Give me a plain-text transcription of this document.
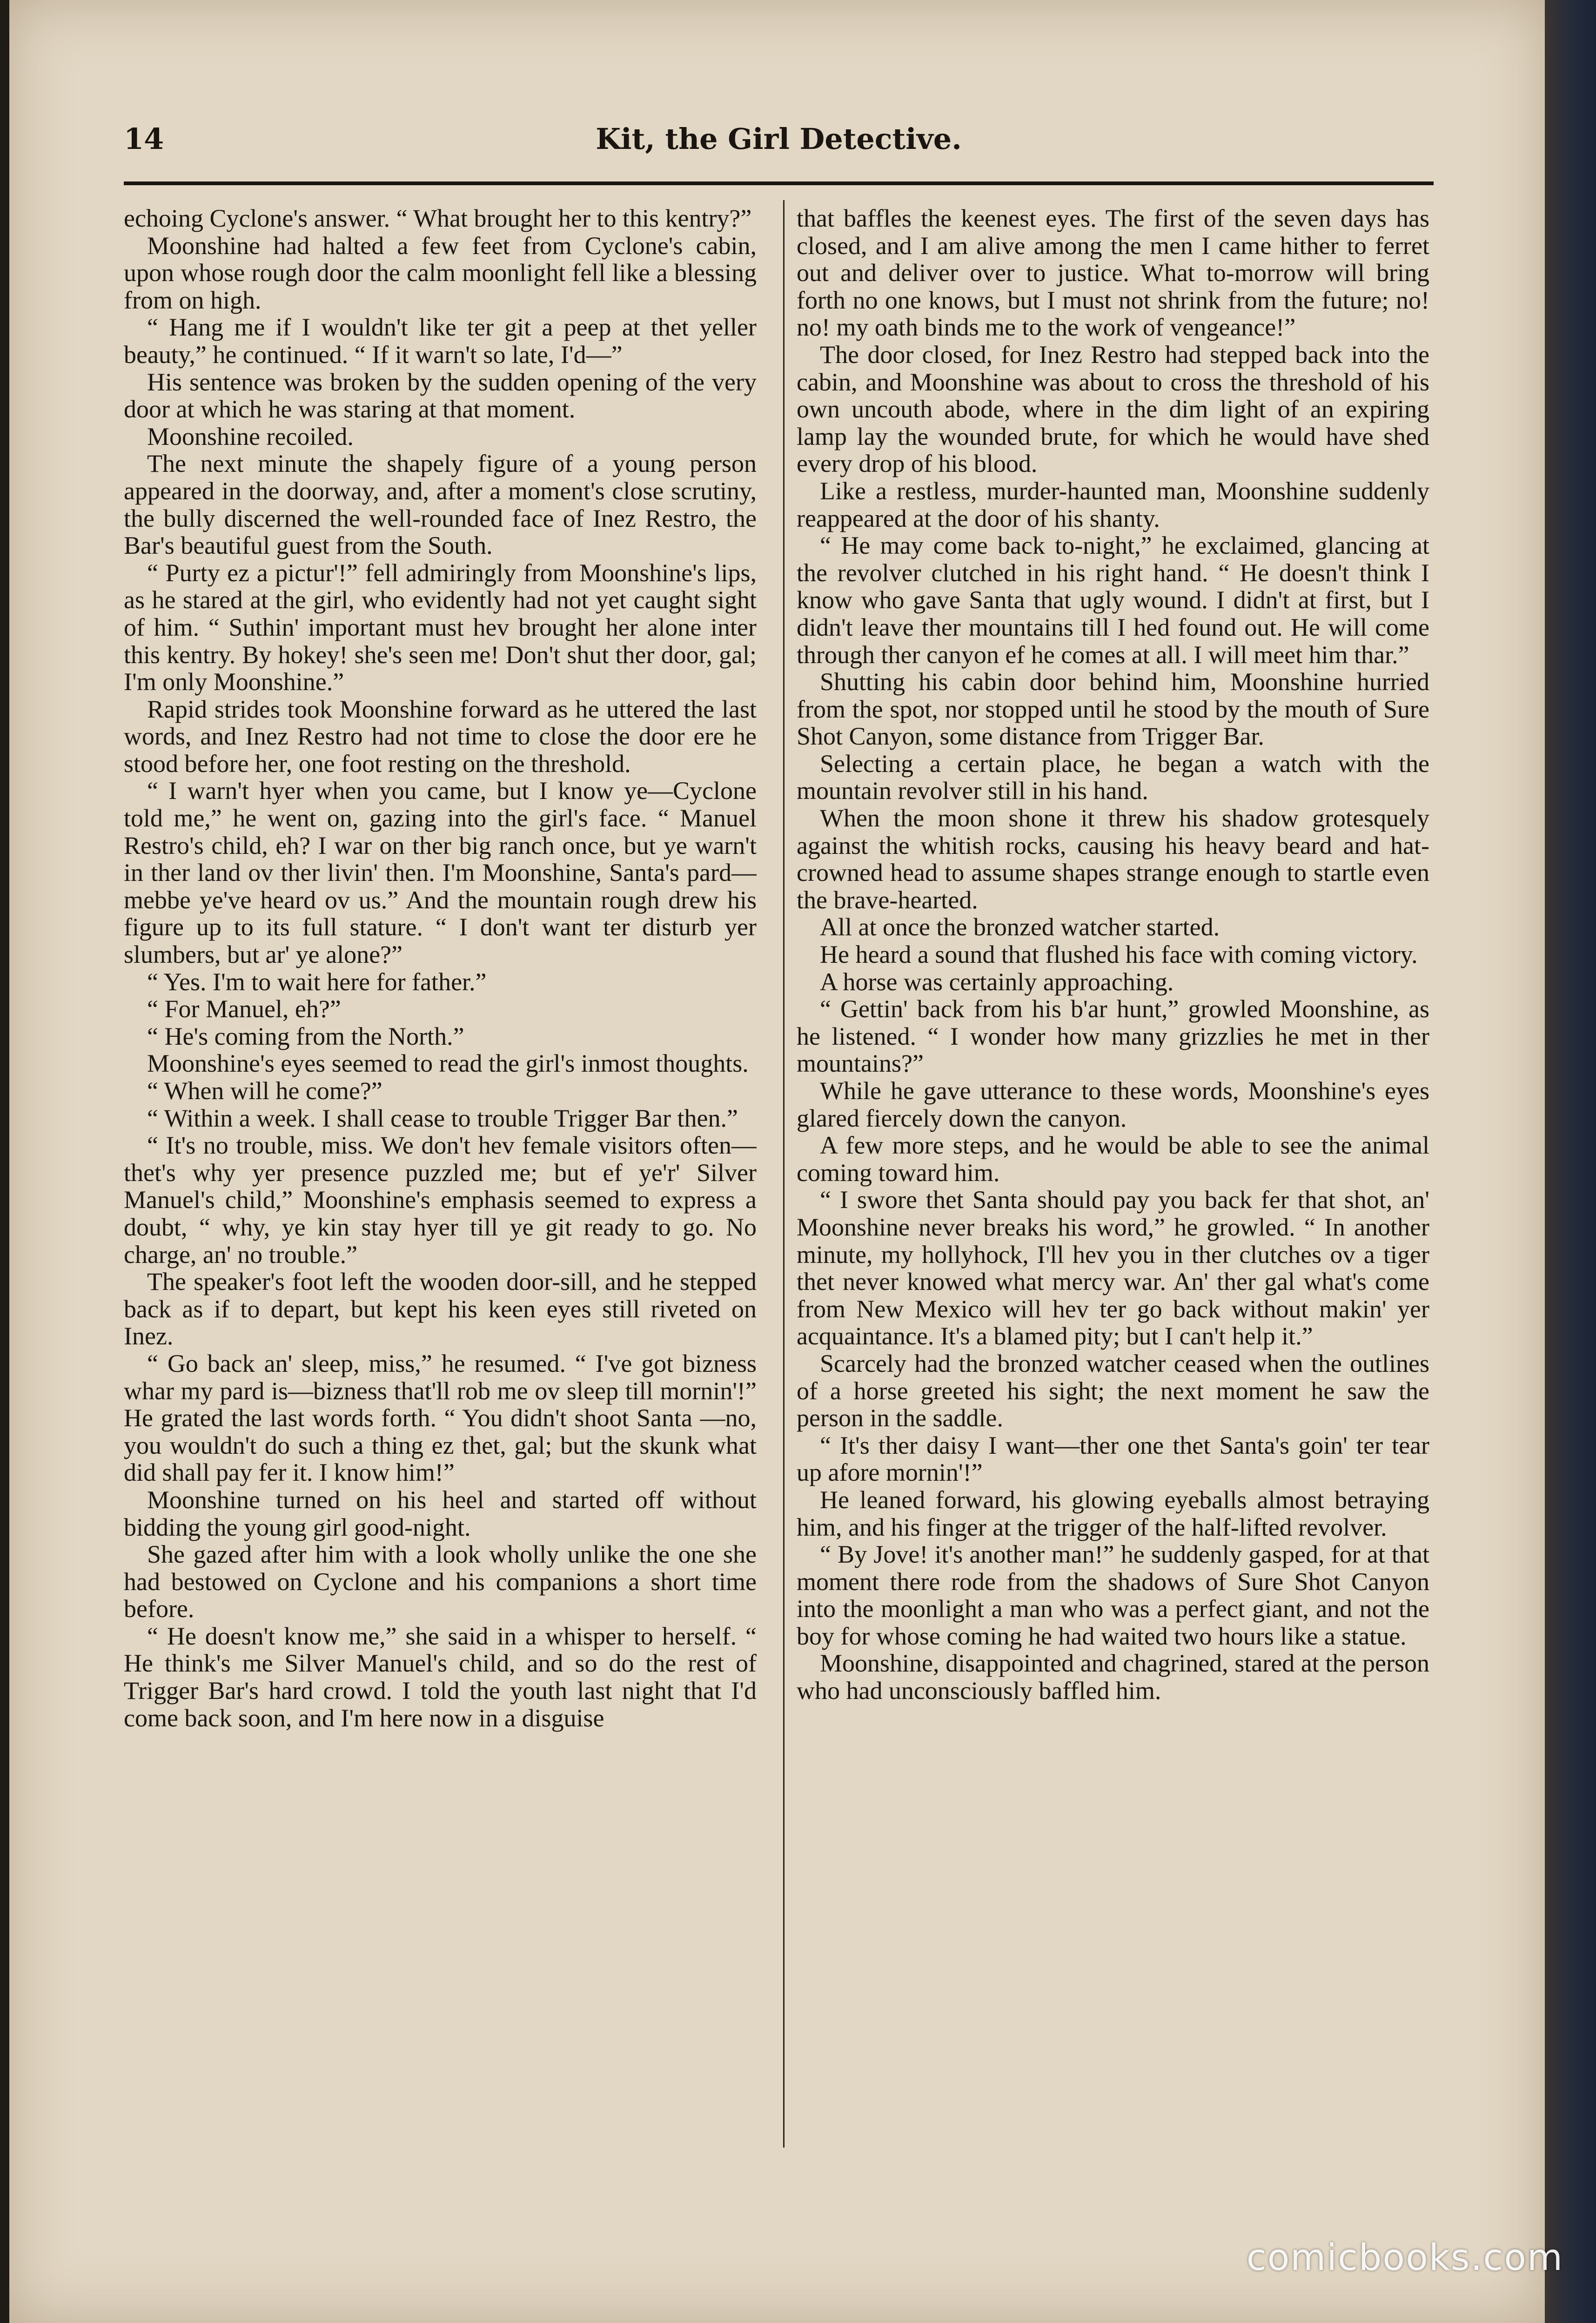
14	Kit, the Girl Detective.

echoing Cyclone's answer. “ What brought her to this kentry?”

Moonshine had halted a few feet from Cyclone's cabin, upon whose rough door the calm moonlight fell like a blessing from on high.

“ Hang me if I wouldn't like ter git a peep at thet yeller beauty,” he continued. “ If it warn't so late, I'd—”

His sentence was broken by the sudden opening of the very door at which he was staring at that moment.

Moonshine recoiled.

The next minute the shapely figure of a young person appeared in the doorway, and, after a moment's close scrutiny, the bully discerned the well-rounded face of Inez Restro, the Bar's beautiful guest from the South.

“ Purty ez a pictur'!” fell admiringly from Moonshine's lips, as he stared at the girl, who evidently had not yet caught sight of him. “ Suthin' important must hev brought her alone inter this kentry. By hokey! she's seen me! Don't shut ther door, gal; I'm only Moonshine.”

Rapid strides took Moonshine forward as he uttered the last words, and Inez Restro had not time to close the door ere he stood before her, one foot resting on the threshold.

“ I warn't hyer when you came, but I know ye—Cyclone told me,” he went on, gazing into the girl's face. “ Manuel Restro's child, eh? I war on ther big ranch once, but ye warn't in ther land ov ther livin' then. I'm Moonshine, Santa's pard—mebbe ye've heard ov us.” And the mountain rough drew his figure up to its full stature. “ I don't want ter disturb yer slumbers, but ar' ye alone?”

“ Yes. I'm to wait here for father.”

“ For Manuel, eh?”

“ He's coming from the North.”

Moonshine's eyes seemed to read the girl's inmost thoughts.

“ When will he come?”

“ Within a week. I shall cease to trouble Trigger Bar then.”

“ It's no trouble, miss. We don't hev female visitors often—thet's why yer presence puzzled me; but ef ye'r' Silver Manuel's child,” Moonshine's emphasis seemed to express a doubt, “ why, ye kin stay hyer till ye git ready to go. No charge, an' no trouble.”

The speaker's foot left the wooden door-sill, and he stepped back as if to depart, but kept his keen eyes still riveted on Inez.

“ Go back an' sleep, miss,” he resumed. “ I've got bizness whar my pard is—bizness that'll rob me ov sleep till mornin'!” He grated the last words forth. “ You didn't shoot Santa —no, you wouldn't do such a thing ez thet, gal; but the skunk what did shall pay fer it. I know him!”

Moonshine turned on his heel and started off without bidding the young girl good-night.

She gazed after him with a look wholly unlike the one she had bestowed on Cyclone and his companions a short time before.

“ He doesn't know me,” she said in a whisper to herself. “ He think's me Silver Manuel's child, and so do the rest of Trigger Bar's hard crowd. I told the youth last night that I'd come back soon, and I'm here now in a disguise

that baffles the keenest eyes. The first of the seven days has closed, and I am alive among the men I came hither to ferret out and deliver over to justice. What to-morrow will bring forth no one knows, but I must not shrink from the future; no! no! my oath binds me to the work of vengeance!”

The door closed, for Inez Restro had stepped back into the cabin, and Moonshine was about to cross the threshold of his own uncouth abode, where in the dim light of an expiring lamp lay the wounded brute, for which he would have shed every drop of his blood.

Like a restless, murder-haunted man, Moonshine suddenly reappeared at the door of his shanty.

“ He may come back to-night,” he exclaimed, glancing at the revolver clutched in his right hand. “ He doesn't think I know who gave Santa that ugly wound. I didn't at first, but I didn't leave ther mountains till I hed found out. He will come through ther canyon ef he comes at all. I will meet him thar.”

Shutting his cabin door behind him, Moonshine hurried from the spot, nor stopped until he stood by the mouth of Sure Shot Canyon, some distance from Trigger Bar.

Selecting a certain place, he began a watch with the mountain revolver still in his hand.

When the moon shone it threw his shadow grotesquely against the whitish rocks, causing his heavy beard and hat-crowned head to assume shapes strange enough to startle even the brave-hearted.

All at once the bronzed watcher started.

He heard a sound that flushed his face with coming victory.

A horse was certainly approaching.

“ Gettin' back from his b'ar hunt,” growled Moonshine, as he listened. “ I wonder how many grizzlies he met in ther mountains?”

While he gave utterance to these words, Moonshine's eyes glared fiercely down the canyon.

A few more steps, and he would be able to see the animal coming toward him.

“ I swore thet Santa should pay you back fer that shot, an' Moonshine never breaks his word,” he growled. “ In another minute, my hollyhock, I'll hev you in ther clutches ov a tiger thet never knowed what mercy war. An' ther gal what's come from New Mexico will hev ter go back without makin' yer acquaintance. It's a blamed pity; but I can't help it.”

Scarcely had the bronzed watcher ceased when the outlines of a horse greeted his sight; the next moment he saw the person in the saddle.

“ It's ther daisy I want—ther one thet Santa's goin' ter tear up afore mornin'!”

He leaned forward, his glowing eyeballs almost betraying him, and his finger at the trigger of the half-lifted revolver.

“ By Jove! it's another man!” he suddenly gasped, for at that moment there rode from the shadows of Sure Shot Canyon into the moonlight a man who was a perfect giant, and not the boy for whose coming he had waited two hours like a statue.

Moonshine, disappointed and chagrined, stared at the person who had unconsciously baffled him.

comicbooks.com
